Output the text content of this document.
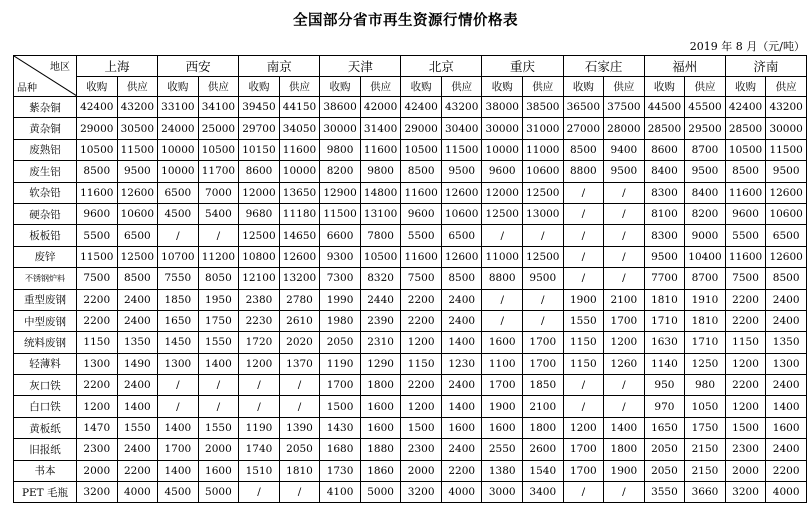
全国部分省市再生资源行情价格表
2019 年 8 月（元/吨）
地区
品种	上海		西安		南京		天津		北京		重庆		石家庄		福州		济南	
	收购	供应	收购	供应	收购	供应	收购	供应	收购	供应	收购	供应	收购	供应	收购	供应	收购	供应
紫杂铜	42400	43200	33100	34100	39450	44150	38600	42000	42400	43200	38000	38500	36500	37500	44500	45500	42400	43200
黄杂铜	29000	30500	24000	25000	29700	34050	30000	31400	29000	30400	30000	31000	27000	28000	28500	29500	28500	30000
废熟铝	10500	11500	10000	10500	10150	11600	9800	11600	10500	11500	10000	11000	8500	9400	8600	8700	10500	11500
废生铝	8500	9500	10000	11700	8600	10000	8200	9800	8500	9500	9600	10600	8800	9500	8400	9500	8500	9500
软杂铅	11600	12600	6500	7000	12000	13650	12900	14800	11600	12600	12000	12500	/	/	8300	8400	11600	12600
硬杂铅	9600	10600	4500	5400	9680	11180	11500	13100	9600	10600	12500	13000	/	/	8100	8200	9600	10600
板板铅	5500	6500	/	/	12500	14650	6600	7800	5500	6500	/	/	/	/	8300	9000	5500	6500
废锌	11500	12500	10700	11200	10800	12600	9300	10500	11600	12600	11000	12500	/	/	9500	10400	11600	12600
不锈钢炉料	7500	8500	7550	8050	12100	13200	7300	8320	7500	8500	8800	9500	/	/	7700	8700	7500	8500
重型废钢	2200	2400	1850	1950	2380	2780	1990	2440	2200	2400	/	/	1900	2100	1810	1910	2200	2400
中型废钢	2200	2400	1650	1750	2230	2610	1980	2390	2200	2400	/	/	1550	1700	1710	1810	2200	2400
统料废钢	1150	1350	1450	1550	1720	2020	2050	2310	1200	1400	1600	1700	1150	1200	1630	1710	1150	1350
轻薄料	1300	1490	1300	1400	1200	1370	1190	1290	1150	1230	1100	1700	1150	1260	1140	1250	1200	1300
灰口铁	2200	2400	/	/	/	/	1700	1800	2200	2400	1700	1850	/	/	950	980	2200	2400
白口铁	1200	1400	/	/	/	/	1500	1600	1200	1400	1900	2100	/	/	970	1050	1200	1400
黄板纸	1470	1550	1400	1550	1190	1390	1430	1600	1500	1600	1600	1800	1200	1400	1650	1750	1500	1600
旧报纸	2300	2400	1700	2000	1740	2050	1680	1880	2300	2400	2550	2600	1700	1800	2050	2150	2300	2400
书本	2000	2200	1400	1600	1510	1810	1730	1860	2000	2200	1380	1540	1700	1900	2050	2150	2000	2200
PET 毛瓶	3200	4000	4500	5000	/	/	4100	5000	3200	4000	3000	3400	/	/	3550	3660	3200	4000
